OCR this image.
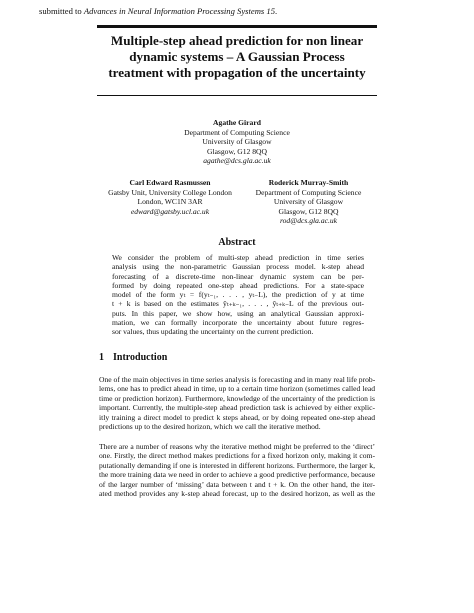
submitted to Advances in Neural Information Processing Systems 15.
Multiple-step ahead prediction for non linear
dynamic systems – A Gaussian Process
treatment with propagation of the uncertainty
Agathe Girard
Department of Computing Science
University of Glasgow
Glasgow, G12 8QQ
agathe@dcs.gla.ac.uk
Carl Edward Rasmussen
Gatsby Unit, University College London
London, WC1N 3AR
edward@gatsby.ucl.ac.uk
Roderick Murray-Smith
Department of Computing Science
University of Glasgow
Glasgow, G12 8QQ
rod@dcs.gla.ac.uk
Abstract
We consider the problem of multi-step ahead prediction in time series
analysis using the non-parametric Gaussian process model. k-step ahead
forecasting of a discrete-time non-linear dynamic system can be per-
formed by doing repeated one-step ahead predictions. For a state-space
model of the form yₜ = f(yₜ₋₁, . . . , yₜ₋L), the prediction of y at time
t + k is based on the estimates ŷₜ₊ₖ₋₁, . . . , ŷₜ₊ₖ₋L of the previous out-
puts. In this paper, we show how, using an analytical Gaussian approxi-
mation, we can formally incorporate the uncertainty about future regres-
sor values, thus updating the uncertainty on the current prediction.
1 Introduction
One of the main objectives in time series analysis is forecasting and in many real life prob-
lems, one has to predict ahead in time, up to a certain time horizon (sometimes called lead
time or prediction horizon). Furthermore, knowledge of the uncertainty of the prediction is
important. Currently, the multiple-step ahead prediction task is achieved by either explic-
itly training a direct model to predict k steps ahead, or by doing repeated one-step ahead
predictions up to the desired horizon, which we call the iterative method.
There are a number of reasons why the iterative method might be preferred to the ‘direct’
one. Firstly, the direct method makes predictions for a fixed horizon only, making it com-
putationally demanding if one is interested in different horizons. Furthermore, the larger k,
the more training data we need in order to achieve a good predictive performance, because
of the larger number of ‘missing’ data between t and t + k. On the other hand, the iter-
ated method provides any k-step ahead forecast, up to the desired horizon, as well as the
